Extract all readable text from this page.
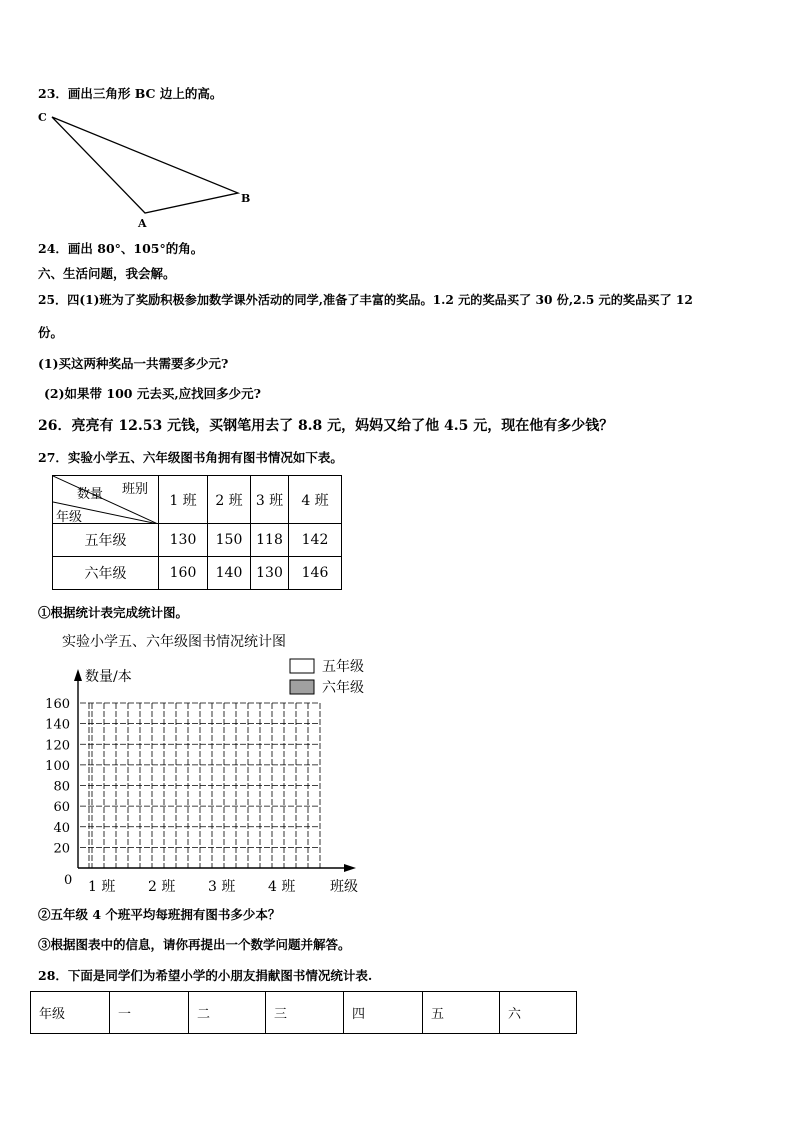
23．画出三角形 BC 边上的高。
C
A
B
24．画出 80°、105°的角。
六、生活问题，我会解。
25．四(1)班为了奖励积极参加数学课外活动的同学,准备了丰富的奖品。1.2 元的奖品买了 30 份,2.5 元的奖品买了 12
份。
(1)买这两种奖品一共需要多少元?
(2)如果带 100 元去买,应找回多少元?
26．亮亮有 12.53 元钱，买钢笔用去了 8.8 元，妈妈又给了他 4.5 元，现在他有多少钱？
27．实验小学五、六年级图书角拥有图书情况如下表。
班别
数量
年级	1 班	2 班	3 班	4 班
五年级	130	150	118	142
六年级	160	140	130	146
①根据统计表完成统计图。
实验小学五、六年级图书情况统计图
数量/本
班级
五年级
六年级
0
20
40
60
80
100
120
140
160
1 班 2 班 3 班 4 班
②五年级 4 个班平均每班拥有图书多少本？
③根据图表中的信息，请你再提出一个数学问题并解答。
28．下面是同学们为希望小学的小朋友捐献图书情况统计表.
年级	一	二	三	四	五	六
